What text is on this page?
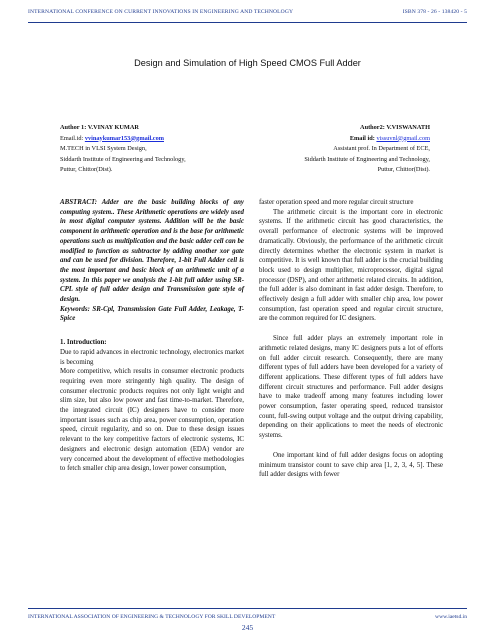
INTERNATIONAL CONFERENCE ON CURRENT INNOVATIONS IN ENGINEERING AND TECHNOLOGY	ISBN 378 - 26 - 138420 - 5
Design and Simulation of High Speed CMOS Full Adder
Author 1: V.VINAY KUMAR
Email.id: vvinaykumar153@gmail.com
M.TECH in VLSI System Design,
Siddarth Institute of Engineering and Technology,
Puttur, Chittor(Dist).
Author2: V.VISWANATH
Email id: vissuvnl@gmail.com
Assistant prof. In Department of ECE,
Siddarth Institute of Engineering and Technology,
Puttur, Chittor(Dist).

ABSTRACT: Adder are the basic building blocks of any computing system.. These Arithmetic operations are widely used in most digital computer systems. Addition will be the basic component in arithmetic operation and is the base for arithmetic operations such as multiplication and the basic adder cell can be modified to function as subtractor by adding another xor gate and can be used for division. Therefore, 1-bit Full Adder cell is the most important and basic block of an arithmetic unit of a system. In this paper we analysis the 1-bit full adder using SR-CPL style of full adder design and Transmission gate style of design.

Keywords: SR-Cpl, Transmission Gate Full Adder, Leakage, T-Spice

1. Introduction:

Due to rapid advances in electronic technology, electronics market is becoming

More competitive, which results in consumer electronic products requiring even more stringently high quality. The design of consumer electronic products requires not only light weight and slim size, but also low power and fast time-to-market. Therefore, the integrated circuit (IC) designers have to consider more important issues such as chip area, power consumption, operation speed, circuit regularity, and so on. Due to these design issues relevant to the key competitive factors of electronic systems, IC designers and electronic design automation (EDA) vendor are very concerned about the development of effective methodologies to fetch smaller chip area design, lower power consumption,

faster operation speed and more regular circuit structure

The arithmetic circuit is the important core in electronic systems. If the arithmetic circuit has good characteristics, the overall performance of electronic systems will be improved dramatically. Obviously, the performance of the arithmetic circuit directly determines whether the electronic system in market is competitive. It is well known that full adder is the crucial building block used to design multiplier, microprocessor, digital signal processor (DSP), and other arithmetic related circuits. In addition, the full adder is also dominant in fast adder design. Therefore, to effectively design a full adder with smaller chip area, low power consumption, fast operation speed and regular circuit structure, are the common required for IC designers.

Since full adder plays an extremely important role in arithmetic related designs, many IC designers puts a lot of efforts on full adder circuit research. Consequently, there are many different types of full adders have been developed for a variety of different applications. These different types of full adders have different circuit structures and performance. Full adder designs have to make tradeoff among many features including lower power consumption, faster operating speed, reduced transistor count, full-swing output voltage and the output driving capability, depending on their applications to meet the needs of electronic systems.

One important kind of full adder designs focus on adopting minimum transistor count to save chip area [1, 2, 3, 4, 5]. These full adder designs with fewer

INTERNATIONAL ASSOCIATION OF ENGINEERING & TECHNOLOGY FOR SKILL DEVELOPMENT	www.iaetsd.in
245
